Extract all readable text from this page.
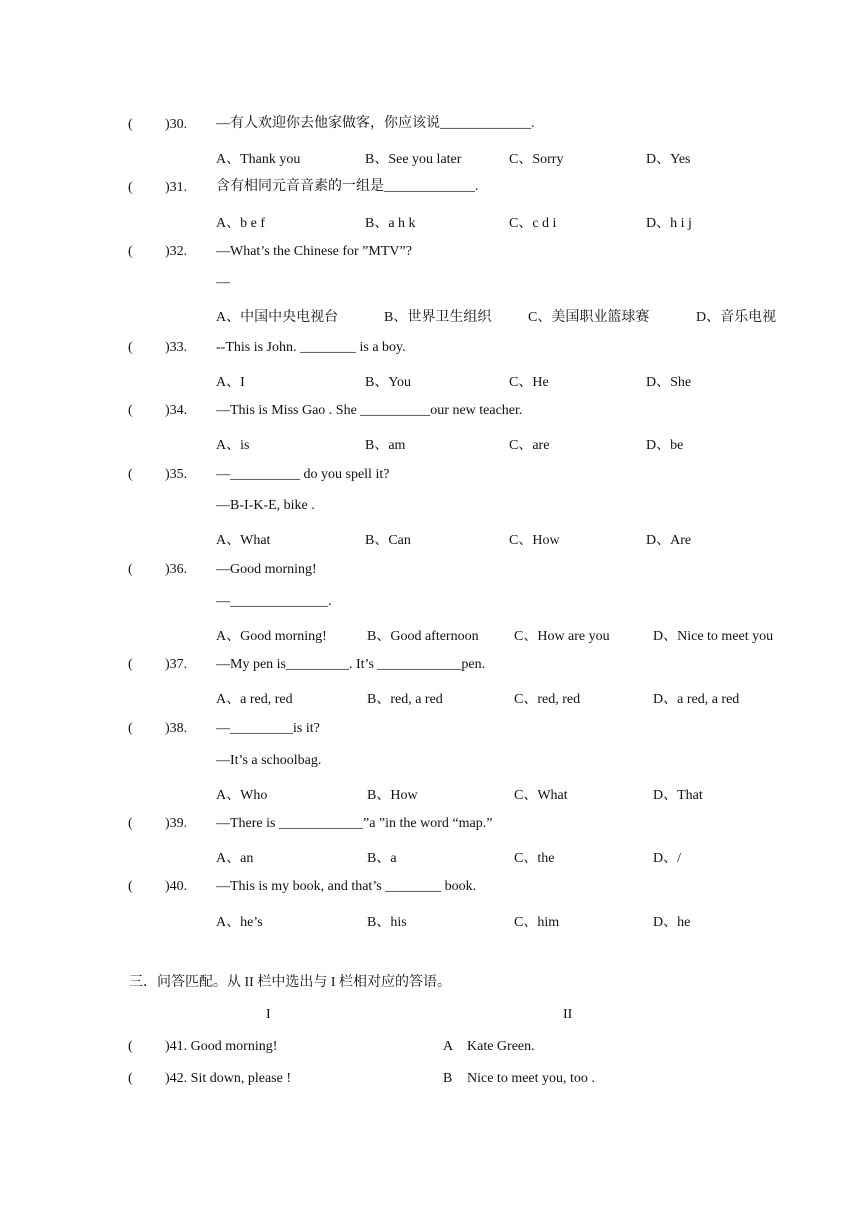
( )30. —有人欢迎你去他家做客，你应该说_____________.
A、Thank you	B、See you later	C、Sorry	D、Yes
( )31. 含有相同元音音素的一组是_____________.
A、b e f	B、a h k	C、c d i	D、h i j
( )32. —What’s the Chinese for ”MTV”?
—
A、中国中央电视台	B、世界卫生组织	C、美国职业篮球赛	D、音乐电视
( )33. --This is John. ________ is a boy.
A、I	B、You	C、He	D、She
( )34. —This is Miss Gao . She __________our new teacher.
A、is	B、am	C、are	D、be
( )35. —__________ do you spell it?
—B-I-K-E, bike .
A、What	B、Can	C、How	D、Are
( )36. —Good morning!
—______________.
A、Good morning!	B、Good afternoon	C、How are you	D、Nice to meet you
( )37. —My pen is_________. It’s ____________pen.
A、a red, red	B、red, a red	C、red, red	D、a red, a red
( )38. —_________is it?
—It’s a schoolbag.
A、Who	B、How	C、What	D、That
( )39. —There is ____________”a ”in the word “map.”
A、an	B、a	C、the	D、/
( )40. —This is my book, and that’s ________ book.
A、he’s	B、his	C、him	D、he
三．问答匹配。从 II 栏中选出与 I 栏相对应的答语。
I	II
( )41. Good morning!	A Kate Green.
( )42. Sit down, please !	B Nice to meet you, too .
